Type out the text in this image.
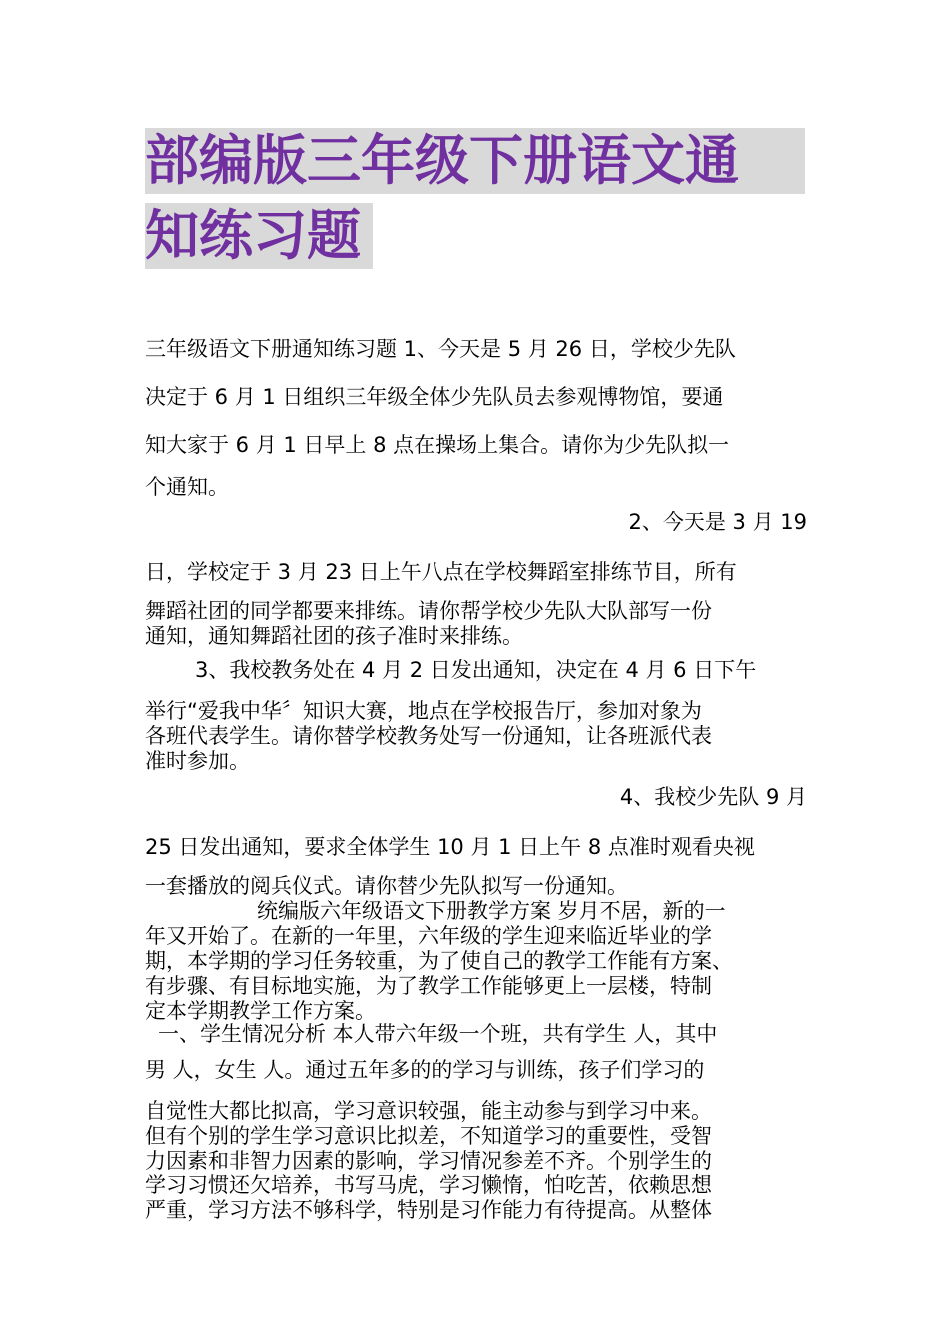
部编版三年级下册语文通
知练习题
三年级语文下册通知练习题 1、今天是 5 月 26 日，学校少先队
决定于 6 月 1 日组织三年级全体少先队员去参观博物馆，要通
知大家于 6 月 1 日早上 8 点在操场上集合。请你为少先队拟一
个通知。
2、今天是 3 月 19
日，学校定于 3 月 23 日上午八点在学校舞蹈室排练节目，所有
舞蹈社团的同学都要来排练。请你帮学校少先队大队部写一份
通知，通知舞蹈社团的孩子准时来排练。
3、我校教务处在 4 月 2 日发出通知，决定在 4 月 6 日下午
举行“爱我中华〞知识大赛，地点在学校报告厅，参加对象为
各班代表学生。请你替学校教务处写一份通知，让各班派代表
准时参加。
4、我校少先队 9 月
25 日发出通知，要求全体学生 10 月 1 日上午 8 点准时观看央视
一套播放的阅兵仪式。请你替少先队拟写一份通知。
统编版六年级语文下册教学方案 岁月不居，新的一
年又开始了。在新的一年里，六年级的学生迎来临近毕业的学
期，本学期的学习任务较重，为了使自己的教学工作能有方案、
有步骤、有目标地实施，为了教学工作能够更上一层楼，特制
定本学期教学工作方案。
一、学生情况分析 本人带六年级一个班，共有学生 人，其中
男 人，女生 人。通过五年多的的学习与训练，孩子们学习的
自觉性大都比拟高，学习意识较强，能主动参与到学习中来。
但有个别的学生学习意识比拟差，不知道学习的重要性，受智
力因素和非智力因素的影响，学习情况参差不齐。个别学生的
学习习惯还欠培养，书写马虎，学习懒惰，怕吃苦，依赖思想
严重，学习方法不够科学，特别是习作能力有待提高。从整体
